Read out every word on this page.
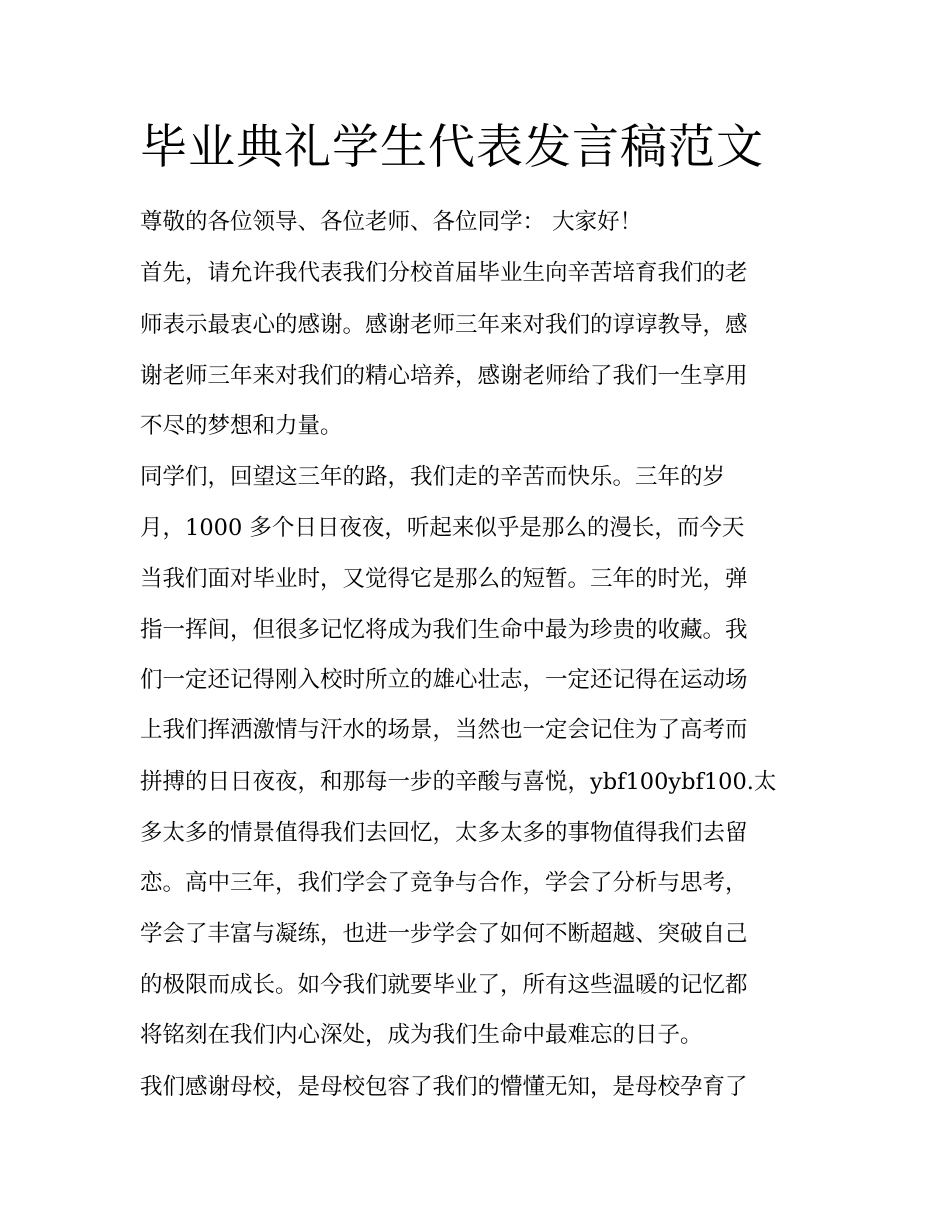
毕业典礼学生代表发言稿范文

尊敬的各位领导、各位老师、各位同学： 大家好！

首先，请允许我代表我们分校首届毕业生向辛苦培育我们的老

师表示最衷心的感谢。感谢老师三年来对我们的谆谆教导，感

谢老师三年来对我们的精心培养，感谢老师给了我们一生享用

不尽的梦想和力量。

同学们，回望这三年的路，我们走的辛苦而快乐。三年的岁

月，1000 多个日日夜夜，听起来似乎是那么的漫长，而今天

当我们面对毕业时，又觉得它是那么的短暂。三年的时光，弹

指一挥间，但很多记忆将成为我们生命中最为珍贵的收藏。我

们一定还记得刚入校时所立的雄心壮志，一定还记得在运动场

上我们挥洒激情与汗水的场景，当然也一定会记住为了高考而

拼搏的日日夜夜，和那每一步的辛酸与喜悦，ybf100ybf100.太

多太多的情景值得我们去回忆，太多太多的事物值得我们去留

恋。高中三年，我们学会了竞争与合作，学会了分析与思考，

学会了丰富与凝练，也进一步学会了如何不断超越、突破自己

的极限而成长。如今我们就要毕业了，所有这些温暖的记忆都

将铭刻在我们内心深处，成为我们生命中最难忘的日子。

我们感谢母校，是母校包容了我们的懵懂无知，是母校孕育了
